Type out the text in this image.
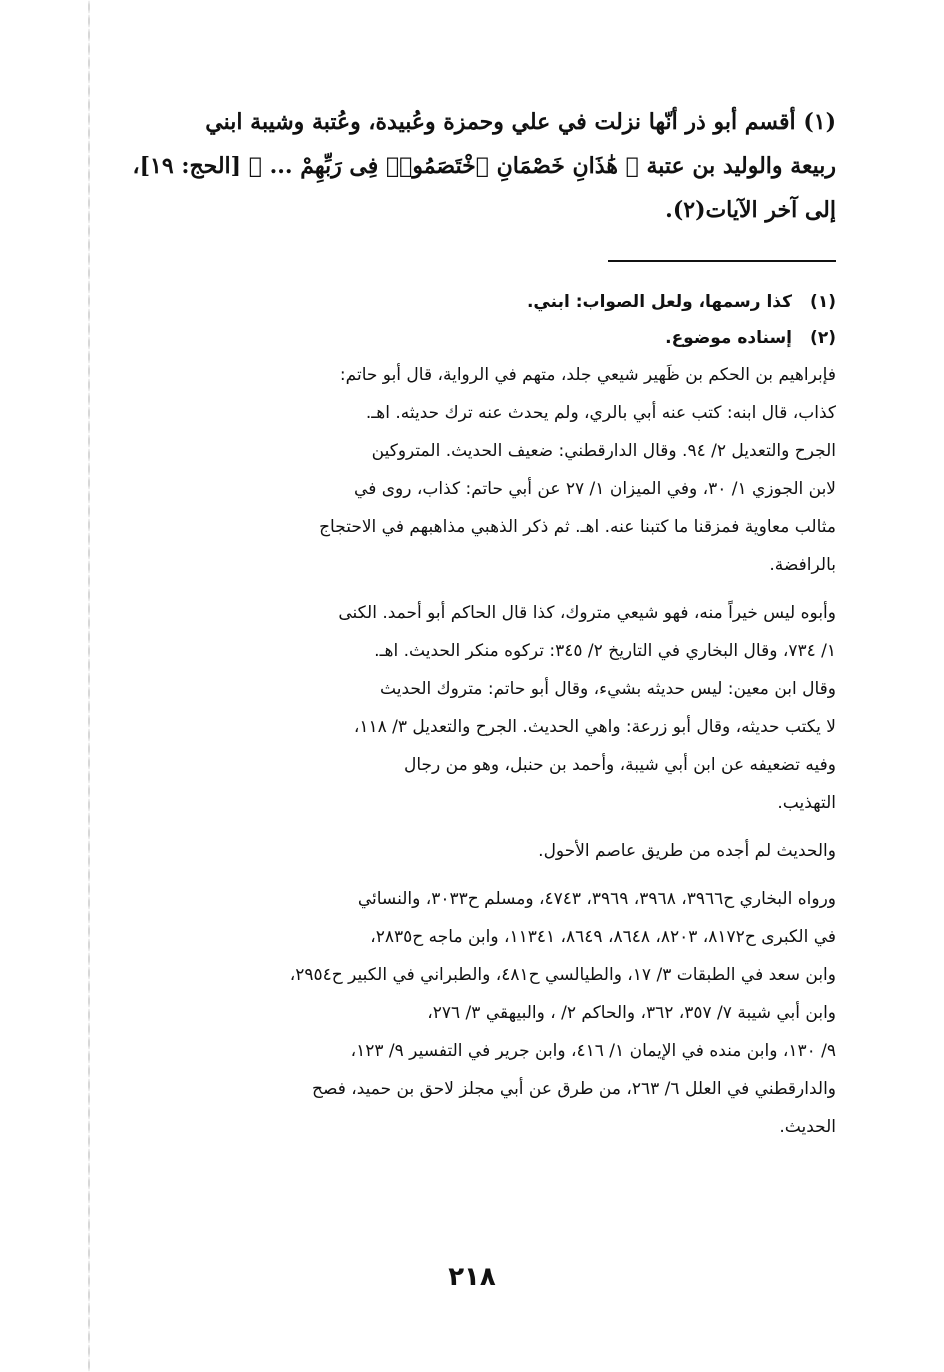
(١) أقسم أبو ذر أنّها نزلت في علي وحمزة وعُبيدة، وعُتبة وشيبة ابني
ربيعة والوليد بن عتبة ﴿ هَٰذَانِ خَصْمَانِ ٱخْتَصَمُوا۟ فِى رَبِّهِمْ ... ﴾ [الحج: ١٩]،
إلى آخر الآيات(٢).

(١)
كذا رسمها، ولعل الصواب: ابني.
(٢)
إسناده موضوع.

فإبراهيم بن الحكم بن ظَهير شيعي جلد، متهم في الرواية، قال أبو حاتم:
كذاب، قال ابنه: كتب عنه أبي بالري، ولم يحدث عنه ترك حديثه. اهـ.
الجرح والتعديل ٢/ ٩٤. وقال الدارقطني: ضعيف الحديث. المتروكين
لابن الجوزي ١/ ٣٠، وفي الميزان ١/ ٢٧ عن أبي حاتم: كذاب، روى في
مثالب معاوية فمزقنا ما كتبنا عنه. اهـ. ثم ذكر الذهبي مذاهبهم في الاحتجاج
بالرافضة.

وأبوه ليس خيراً منه، فهو شيعي متروك، كذا قال الحاكم أبو أحمد. الكنى
١/ ٧٣٤، وقال البخاري في التاريخ ٢/ ٣٤٥: تركوه منكر الحديث. اهـ.
وقال ابن معين: ليس حديثه بشيء، وقال أبو حاتم: متروك الحديث
لا يكتب حديثه، وقال أبو زرعة: واهي الحديث. الجرح والتعديل ٣/ ١١٨،
وفيه تضعيفه عن ابن أبي شيبة، وأحمد بن حنبل، وهو من رجال
التهذيب.

والحديث لم أجده من طريق عاصم الأحول.

ورواه البخاري ح٣٩٦٦، ٣٩٦٨، ٣٩٦٩، ٤٧٤٣، ومسلم ح٣٠٣٣، والنسائي
في الكبرى ح٨١٧٢، ٨٢٠٣، ٨٦٤٨، ٨٦٤٩، ١١٣٤١، وابن ماجه ح٢٨٣٥،
وابن سعد في الطبقات ٣/ ١٧، والطيالسي ح٤٨١، والطبراني في الكبير ح٢٩٥٤،
وابن أبي شيبة ٧/ ٣٥٧، ٣٦٢، والحاكم ٢/ ، والبيهقي ٣/ ٢٧٦،
٩/ ١٣٠، وابن منده في الإيمان ١/ ٤١٦، وابن جرير في التفسير ٩/ ١٢٣،
والدارقطني في العلل ٦/ ٢٦٣، من طرق عن أبي مجلز لاحق بن حميد، فصح
الحديث.

٢١٨
